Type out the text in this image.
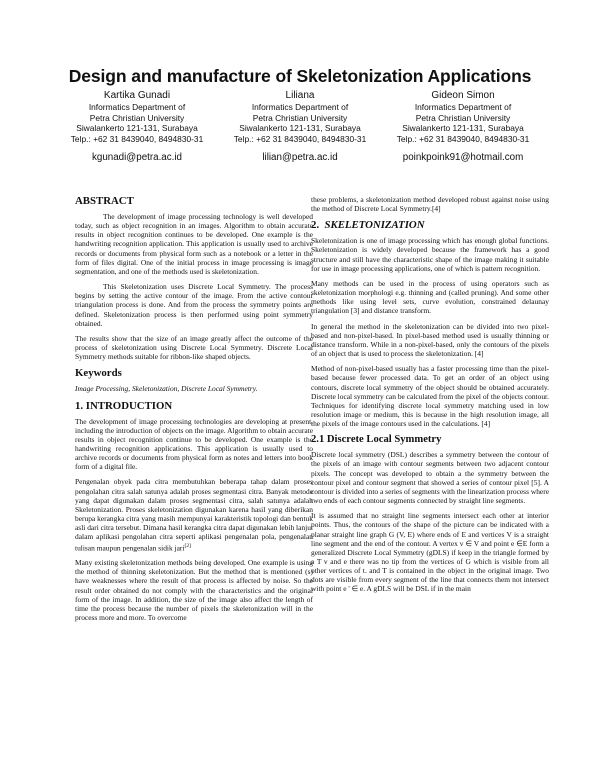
Design and manufacture of Skeletonization Applications
Kartika Gunadi
Informatics Department of
Petra Christian University
Siwalankerto 121-131, Surabaya
Telp.: +62 31 8439040, 8494830-31
kgunadi@petra.ac.id
Liliana
Informatics Department of
Petra Christian University
Siwalankerto 121-131, Surabaya
Telp.: +62 31 8439040, 8494830-31
lilian@petra.ac.id
Gideon Simon
Informatics Department of
Petra Christian University
Siwalankerto 121-131, Surabaya
Telp.: +62 31 8439040, 8494830-31
poinkpoink91@hotmail.com
ABSTRACT

The development of image processing technology is well developed today, such as object recognition in an images. Algorithm to obtain accurate results in object recognition continues to be developed. One example is the handwriting recognition application. This application is usually used to archive records or documents from physical form such as a notebook or a letter in the form of files digital. One of the initial process in image processing is image segmentation, and one of the methods used is skeletonization.

This Skeletonization uses Discrete Local Symmetry. The process begins by setting the active contour of the image. From the active contour triangulation process is done. And from the process the symmetry points are defined. Skeletonization process is then performed using point symmetry obtained.

The results show that the size of an image greatly affect the outcome of the process of skeletonization using Discrete Local Symmetry. Discrete Local Symmetry methods suitable for ribbon-like shaped objects.

Keywords

Image Processing, Skeletonization, Discrete Local Symmetry.

1. INTRODUCTION

The development of image processing technologies are developing at present, including the introduction of objects on the image. Algorithm to obtain accurate results in object recognition continue to be developed. One example is the handwriting recognition applications. This application is usually used to archive records or documents from physical form as notes and letters into book form of a digital file.

Pengenalan obyek pada citra membutuhkan beberapa tahap dalam proses pengolahan citra salah satunya adalah proses segmentasi citra. Banyak metode yang dapat digunakan dalam proses segmentasi citra, salah satunya adalah Skeletonization. Proses skeletonization digunakan karena hasil yang diberikan berupa kerangka citra yang masih mempunyai karakteristik topologi dan bentuk asli dari citra tersebut. Dimana hasil kerangka citra dapat digunakan lebih lanjut dalam aplikasi pengolahan citra seperti aplikasi pengenalan pola, pengenalan tulisan maupun pengenalan sidik jari[2]

Many existing skeletonization methods being developed. One example is using the method of thinning skeletonization. But the method that is mentioned (s) have weaknesses where the result of that process is affected by noise. So the result order obtained do not comply with the characteristics and the original form of the image. In addition, the size of the image also affect the length of time the process because the number of pixels the skeletonization will in the process more and more. To overcome

these problems, a skeletonization method developed robust against noise using the method of Discrete Local Symmetry.[4]

2. SKELETONIZATION

Skeletonization is one of image processing which has enough global functions. Skeletonization is widely developed because the framework has a good structure and still have the characteristic shape of the image making it suitable for use in image processing applications, one of which is pattern recognition.

Many methods can be used in the process of using operators such as skeletonization morphologi e.g. thinning and (called pruning). And some other methods like using level sets, curve evolution, constrained delaunay triangulation [3] and distance transform.

In general the method in the skeletonization can be divided into two pixel-based and non-pixel-based. In pixel-based method used is usually thinning or distance transform. While in a non-pixel-based, only the contours of the pixels of an object that is used to process the skeletonization. [4]

Method of non-pixel-based usually has a faster processing time than the pixel-based because fewer processed data. To get an order of an object using contours, discrete local symmetry of the object should be obtained accurately. Discrete local symmetry can be calculated from the pixel of the objects contour. Techniques for identifying discrete local symmetry matching used in low resolution image or medium, this is because in the high resolution image, all the pixels of the image contours used in the calculations. [4]

2.1 Discrete Local Symmetry

Discrete local symmetry (DSL) describes a symmetry between the contour of the pixels of an image with contour segments between two adjacent contour pixels. The concept was developed to obtain a the symmetry between the contour pixel and contour segment that showed a series of contour pixel [5]. A contour is divided into a series of segments with the linearization process where two ends of each contour segments connected by straight line segments.

It is assumed that no straight line segments intersect each other at interior points. Thus, the contours of the shape of the picture can be indicated with a planar straight line graph G (V, E) where ends of E and vertices V is a straight line segment and the end of the contour. A vertex v ∈ V and point e ∈E form a generalized Discrete Local Symmetry (gDLS) if keep in the triangle formed by a T v and e there was no tip from the vertices of G which is visible from all other vertices of t. and T is contained in the object in the original image. Two dots are visible from every segment of the line that connects them not intersect with point e ' ∈ e. A gDLS will be DSL if in the main
